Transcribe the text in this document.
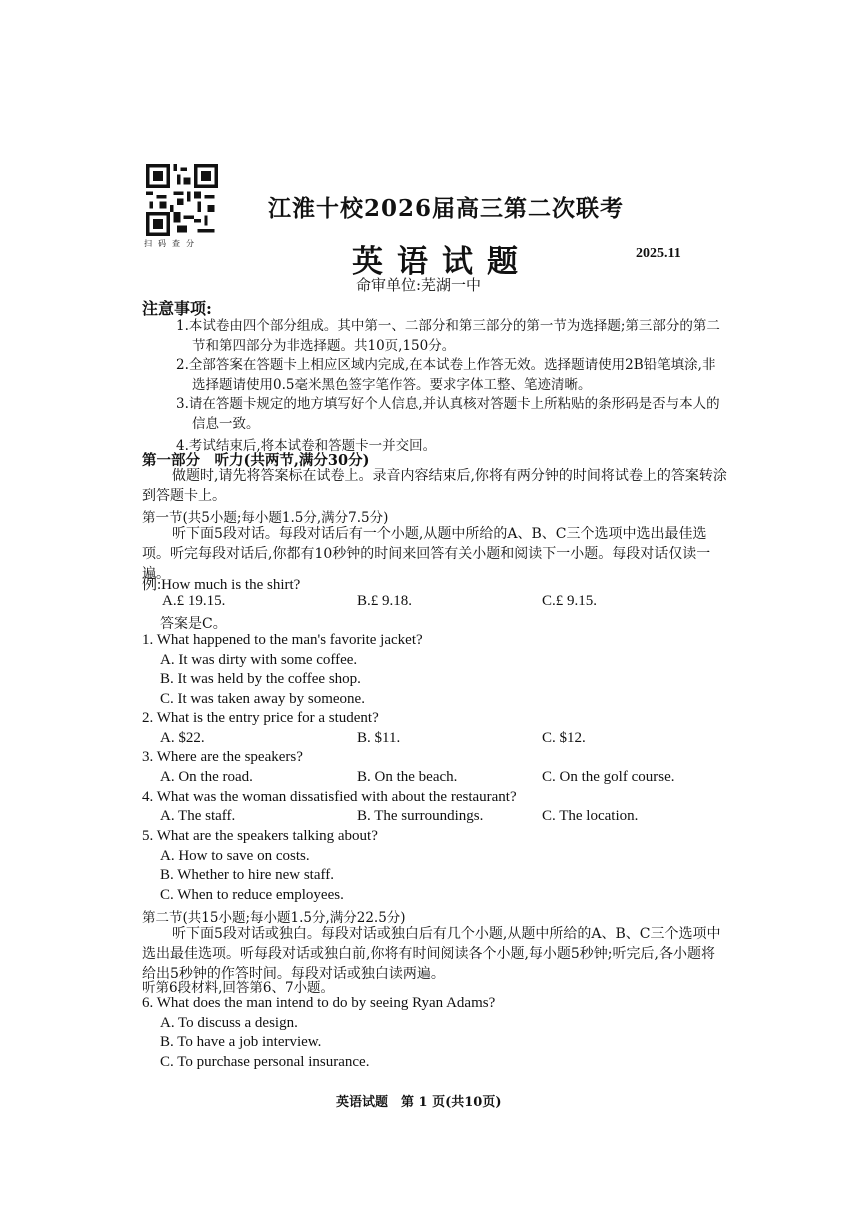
扫码查分
江淮十校2026届高三第二次联考
英语试题	2025.11
命审单位:芜湖一中
注意事项:
1.本试卷由四个部分组成。其中第一、二部分和第三部分的第一节为选择题;第三部分的第二节和第四部分为非选择题。共10页,150分。
2.全部答案在答题卡上相应区域内完成,在本试卷上作答无效。选择题请使用2B铅笔填涂,非选择题请使用0.5毫米黑色签字笔作答。要求字体工整、笔迹清晰。
3.请在答题卡规定的地方填写好个人信息,并认真核对答题卡上所粘贴的条形码是否与本人的信息一致。
4.考试结束后,将本试卷和答题卡一并交回。
第一部分　听力(共两节,满分30分)
做题时,请先将答案标在试卷上。录音内容结束后,你将有两分钟的时间将试卷上的答案转涂到答题卡上。
第一节(共5小题;每小题1.5分,满分7.5分)
听下面5段对话。每段对话后有一个小题,从题中所给的A、B、C三个选项中选出最佳选项。听完每段对话后,你都有10秒钟的时间来回答有关小题和阅读下一小题。每段对话仅读一遍。
例:How much is the shirt?
A.£ 19.15.	B.£ 9.18.	C.£ 9.15.
答案是C。
1. What happened to the man's favorite jacket?
A. It was dirty with some coffee.
B. It was held by the coffee shop.
C. It was taken away by someone.
2. What is the entry price for a student?
A. $22.	B. $11.	C. $12.
3. Where are the speakers?
A. On the road.	B. On the beach.	C. On the golf course.
4. What was the woman dissatisfied with about the restaurant?
A. The staff.	B. The surroundings.	C. The location.
5. What are the speakers talking about?
A. How to save on costs.
B. Whether to hire new staff.
C. When to reduce employees.
第二节(共15小题;每小题1.5分,满分22.5分)
听下面5段对话或独白。每段对话或独白后有几个小题,从题中所给的A、B、C三个选项中选出最佳选项。听每段对话或独白前,你将有时间阅读各个小题,每小题5秒钟;听完后,各小题将给出5秒钟的作答时间。每段对话或独白读两遍。
听第6段材料,回答第6、7小题。
6. What does the man intend to do by seeing Ryan Adams?
A. To discuss a design.
B. To have a job interview.
C. To purchase personal insurance.
英语试题　第 1 页(共10页)
